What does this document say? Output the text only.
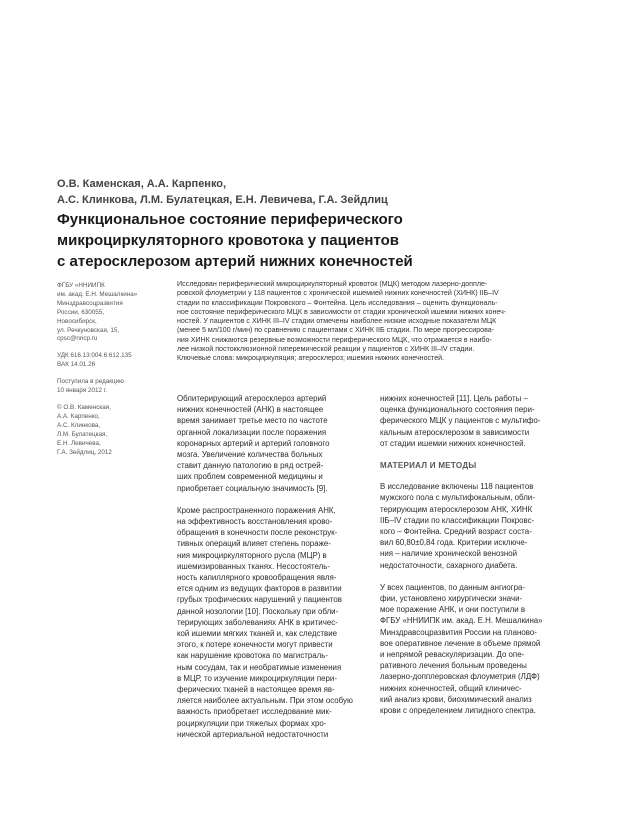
О.В. Каменская, А.А. Карпенко,
А.С. Клинкова, Л.М. Булатецкая, Е.Н. Левичева, Г.А. Зейдлиц
Функциональное состояние периферического
микроциркуляторного кровотока у пациентов
с атеросклерозом артерий нижних конечностей
ФГБУ «ННИИПК
им. акад. Е.Н. Мешалкина»
Минздравсоцразвития
России, 630055,
Новосибирск,
ул. Речкуновская, 15,
cpsc@nricp.ru
УДК 616.13:004.6:612.135
ВАК 14.01.26
Поступила в редакцию
10 января 2012 г.
© О.В. Каменская,
А.А. Карпенко,
А.С. Клинкова,
Л.М. Булатецкая,
Е.Н. Левичева,
Г.А. Зейдлиц, 2012
Исследован периферический микроциркуляторный кровоток (МЦК) методом лазерно-доппле-
ровской флоуметрии у 118 пациентов с хронической ишемией нижних конечностей (ХИНК) IIБ–IV
стадии по классификации Покровского – Фонтейна. Цель исследования – оценить функциональ-
ное состояние периферического МЦК в зависимости от стадии хронической ишемии нижних конеч-
ностей. У пациентов с ХИНК III–IV стадии отмечены наиболее низкие исходные показатели МЦК
(менее 5 мл/100 г/мин) по сравнению с пациентами с ХИНК IIБ стадии. По мере прогрессирова-
ния ХИНК снижаются резервные возможности периферического МЦК, что отражается в наибо-
лее низкой постокклюзионной гиперемической реакции у пациентов с ХИНК III–IV стадии.
Ключевые слова: микроциркуляция; атеросклероз; ишемия нижних конечностей.
Облитерирующий атеросклероз артерий
нижних конечностей (АНК) в настоящее
время занимает третье место по частоте
органной локализации после поражения
коронарных артерий и артерий головного
мозга. Увеличение количества больных
ставит данную патологию в ряд острей-
ших проблем современной медицины и
приобретает социальную значимость [9].
Кроме распространенного поражения АНК,
на эффективность восстановления крово-
обращения в конечности после реконструк-
тивных операций влияет степень пораже-
ния микроциркуляторного русла (МЦР) в
ишемизированных тканях. Несостоятель-
ность капиллярного кровообращения явля-
ется одним из ведущих факторов в развитии
грубых трофических нарушений у пациентов
данной нозологии [10]. Поскольку при обли-
терирующих заболеваниях АНК в критичес-
кой ишемии мягких тканей и, как следствие
этого, к потере конечности могут привести
как нарушение кровотока по магистраль-
ным сосудам, так и необратимые изменения
в МЦР, то изучение микроциркуляции пери-
ферических тканей в настоящее время яв-
ляется наиболее актуальным. При этом особую
важность приобретает исследование мик-
роциркуляции при тяжелых формах хро-
нической артериальной недостаточности
нижних конечностей [11]. Цель работы –
оценка функционального состояния пери-
ферического МЦК у пациентов с мультифо-
кальным атеросклерозом в зависимости
от стадии ишемии нижних конечностей.
МАТЕРИАЛ И МЕТОДЫ
В исследование включены 118 пациентов
мужского пола с мультифокальным, обли-
терирующим атеросклерозом АНК, ХИНК
IIБ–IV стадии по классификации Покровс-
кого – Фонтейна. Средний возраст соста-
вил 60,80±0,84 года. Критерии исключе-
ния – наличие хронической венозной
недостаточности, сахарного диабета.
У всех пациентов, по данным ангиогра-
фии, установлено хирургически значи-
мое поражение АНК, и они поступили в
ФГБУ «ННИИПК им. акад. Е.Н. Мешалкина»
Минздравсоцразвития России на планово-
вое оперативное лечение в объеме прямой
и непрямой реваскуляризации. До опе-
ративного лечения больным проведены
лазерно-допплеровская флоуметрия (ЛДФ)
нижних конечностей, общий клиничес-
кий анализ крови, биохимический анализ
крови с определением липидного спектра.
